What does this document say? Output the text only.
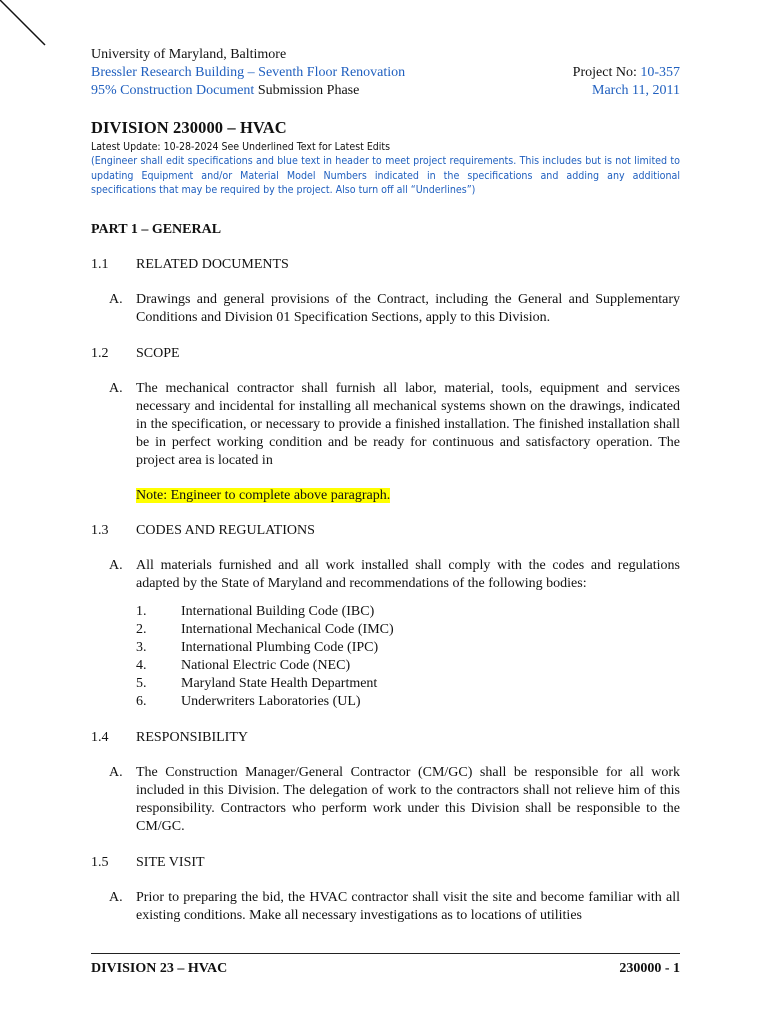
University of Maryland, Baltimore
Bressler Research Building – Seventh Floor Renovation	Project No: 10-357
95% Construction Document Submission Phase	March 11, 2011
DIVISION 230000 – HVAC
Latest Update: 10-28-2024 See Underlined Text for Latest Edits
(Engineer shall edit specifications and blue text in header to meet project requirements. This includes but is not limited to updating Equipment and/or Material Model Numbers indicated in the specifications and adding any additional specifications that may be required by the project. Also turn off all “Underlines”)
PART 1 – GENERAL
1.1	RELATED DOCUMENTS
A. Drawings and general provisions of the Contract, including the General and Supplementary Conditions and Division 01 Specification Sections, apply to this Division.
1.2	SCOPE
A. The mechanical contractor shall furnish all labor, material, tools, equipment and services necessary and incidental for installing all mechanical systems shown on the drawings, indicated in the specification, or necessary to provide a finished installation. The finished installation shall be in perfect working condition and be ready for continuous and satisfactory operation. The project area is located in
Note: Engineer to complete above paragraph.
1.3	CODES AND REGULATIONS
A. All materials furnished and all work installed shall comply with the codes and regulations adapted by the State of Maryland and recommendations of the following bodies:
1.	International Building Code (IBC)
2.	International Mechanical Code (IMC)
3.	International Plumbing Code (IPC)
4.	National Electric Code (NEC)
5.	Maryland State Health Department
6.	Underwriters Laboratories (UL)
1.4	RESPONSIBILITY
A. The Construction Manager/General Contractor (CM/GC) shall be responsible for all work included in this Division. The delegation of work to the contractors shall not relieve him of this responsibility. Contractors who perform work under this Division shall be responsible to the CM/GC.
1.5	SITE VISIT
A. Prior to preparing the bid, the HVAC contractor shall visit the site and become familiar with all existing conditions. Make all necessary investigations as to locations of utilities
DIVISION 23 – HVAC	230000 - 1
